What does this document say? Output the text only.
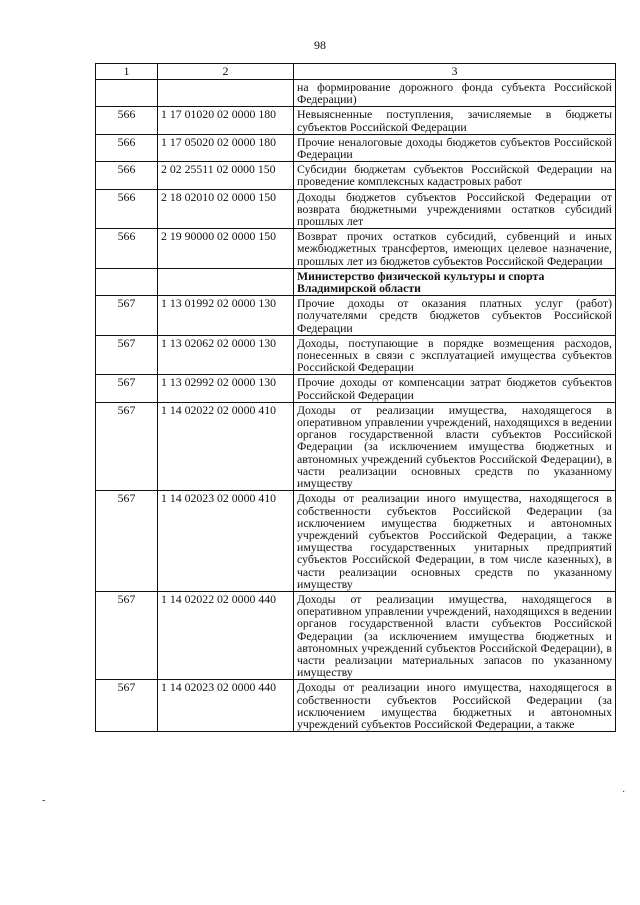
98
1	2	3
		на формирование дорожного фонда субъекта Российской Федерации)
566	1 17 01020 02 0000 180	Невыясненные поступления, зачисляемые в бюджеты субъектов Российской Федерации
566	1 17 05020 02 0000 180	Прочие неналоговые доходы бюджетов субъектов Российской Федерации
566	2 02 25511 02 0000 150	Субсидии бюджетам субъектов Российской Федерации на проведение комплексных кадастровых работ
566	2 18 02010 02 0000 150	Доходы бюджетов субъектов Российской Федерации от возврата бюджетными учреждениями остатков субсидий прошлых лет
566	2 19 90000 02 0000 150	Возврат прочих остатков субсидий, субвенций и иных межбюджетных трансфертов, имеющих целевое назначение, прошлых лет из бюджетов субъектов Российской Федерации
		Министерство физической культуры и спорта Владимирской области
567	1 13 01992 02 0000 130	Прочие доходы от оказания платных услуг (работ) получателями средств бюджетов субъектов Российской Федерации
567	1 13 02062 02 0000 130	Доходы, поступающие в порядке возмещения расходов, понесенных в связи с эксплуатацией имущества субъектов Российской Федерации
567	1 13 02992 02 0000 130	Прочие доходы от компенсации затрат бюджетов субъектов Российской Федерации
567	1 14 02022 02 0000 410	Доходы от реализации имущества, находящегося в оперативном управлении учреждений, находящихся в ведении органов государственной власти субъектов Российской Федерации (за исключением имущества бюджетных и автономных учреждений субъектов Российской Федерации), в части реализации основных средств по указанному имуществу
567	1 14 02023 02 0000 410	Доходы от реализации иного имущества, находящегося в собственности субъектов Российской Федерации (за исключением имущества бюджетных и автономных учреждений субъектов Российской Федерации, а также имущества государственных унитарных предприятий субъектов Российской Федерации, в том числе казенных), в части реализации основных средств по указанному имуществу
567	1 14 02022 02 0000 440	Доходы от реализации имущества, находящегося в оперативном управлении учреждений, находящихся в ведении органов государственной власти субъектов Российской Федерации (за исключением имущества бюджетных и автономных учреждений субъектов Российской Федерации), в части реализации материальных запасов по указанному имуществу
567	1 14 02023 02 0000 440	Доходы от реализации иного имущества, находящегося в собственности субъектов Российской Федерации (за исключением имущества бюджетных и автономных учреждений субъектов Российской Федерации, а также
-
·
